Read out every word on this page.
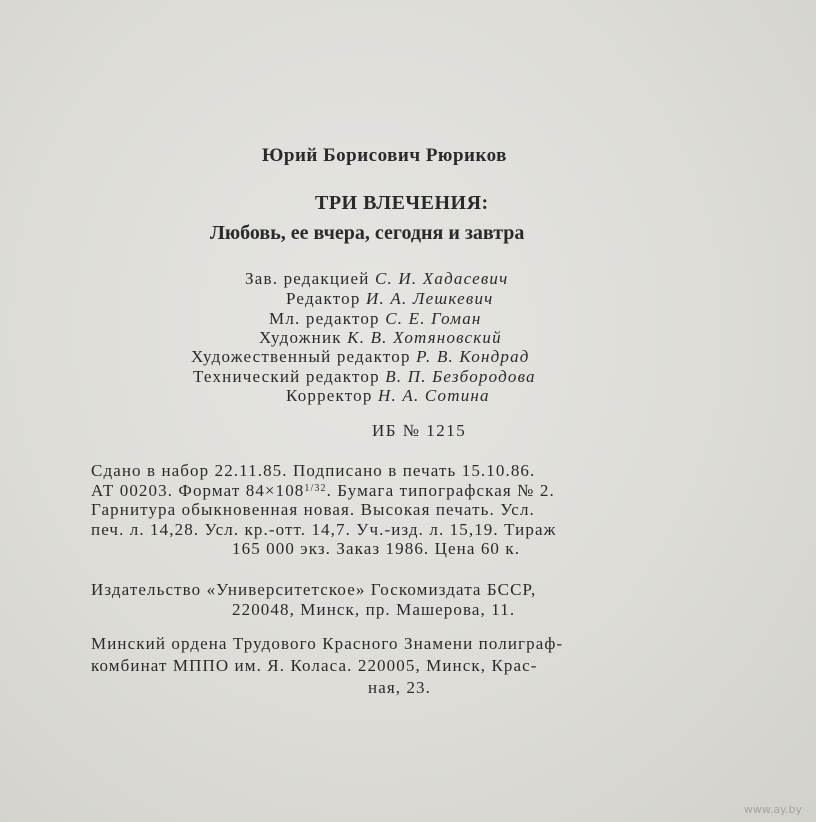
Юрий Борисович Рюриков
ТРИ ВЛЕЧЕНИЯ:
Любовь, ее вчера, сегодня и завтра
Зав. редакцией С. И. Хадасевич
Редактор И. А. Лешкевич
Мл. редактор С. Е. Гоман
Художник К. В. Хотяновский
Художественный редактор Р. В. Кондрад
Технический редактор В. П. Безбородова
Корректор Н. А. Сотина
ИБ № 1215
Сдано в набор 22.11.85. Подписано в печать 15.10.86.
АТ 00203. Формат $84\times 108^{1/32}$. Бумага типографская № 2.
Гарнитура обыкновенная новая. Высокая печать. Усл.
печ. л. 14,28. Усл. кр.-отт. 14,7. Уч.-изд. л. 15,19. Тираж
165 000 экз. Заказ 1986. Цена 60 к.
Издательство «Университетское» Госкомиздата БССР,
220048, Минск, пр. Машерова, 11.
Минский ордена Трудового Красного Знамени полиграф-
комбинат МППО им. Я. Коласа. 220005, Минск, Крас-
ная, 23.
www.ay.by
